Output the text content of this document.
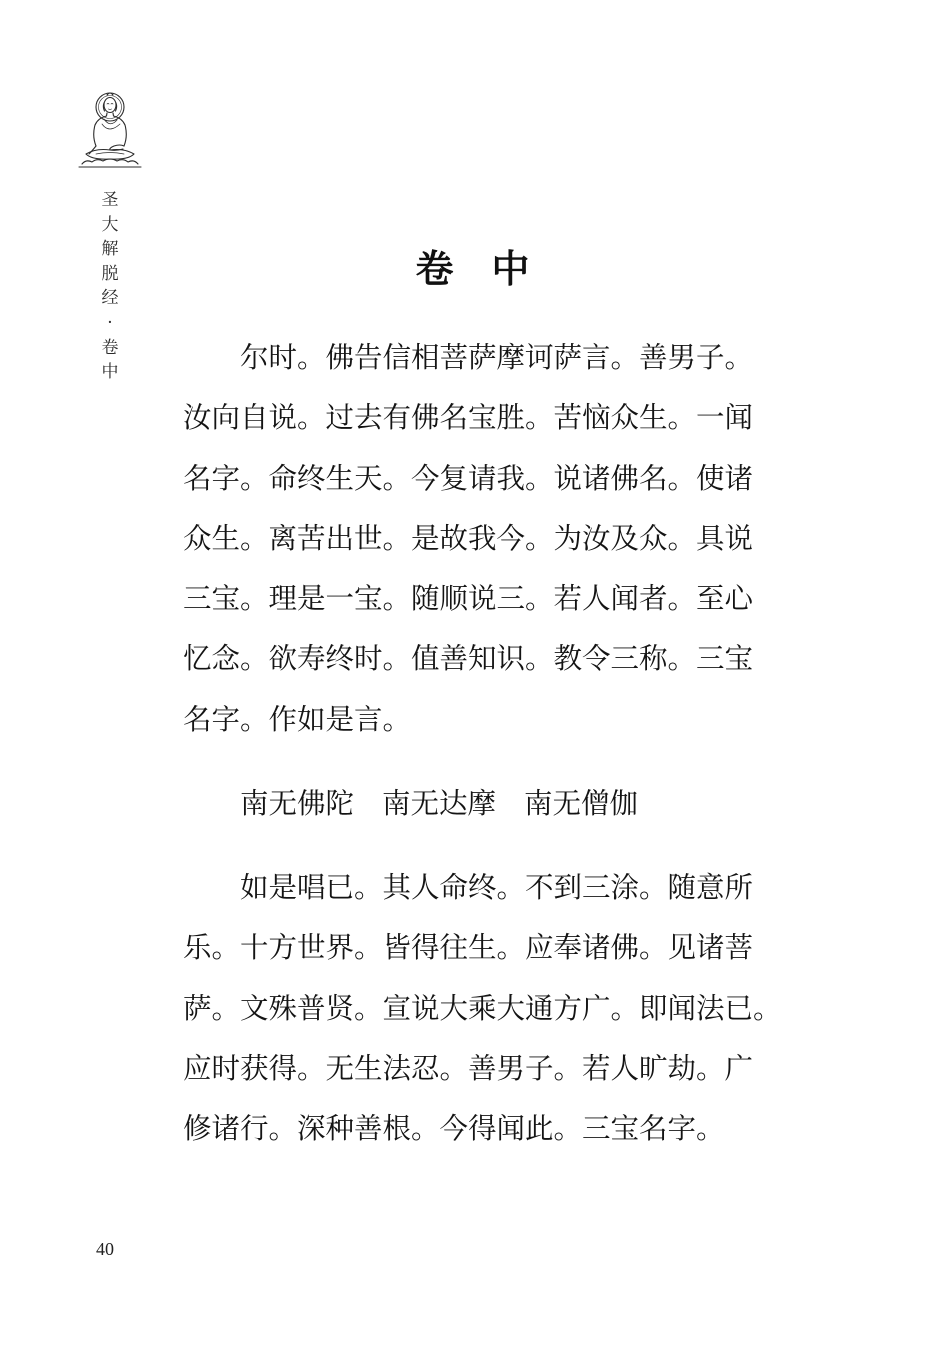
圣
大
解
脱
经
·
卷
中
卷 中

尔时。佛告信相菩萨摩诃萨言。善男子。
汝向自说。过去有佛名宝胜。苦恼众生。一闻
名字。命终生天。今复请我。说诸佛名。使诸
众生。离苦出世。是故我今。为汝及众。具说
三宝。理是一宝。随顺说三。若人闻者。至心
忆念。欲寿终时。值善知识。教令三称。三宝
名字。作如是言。

南无佛陀 南无达摩 南无僧伽

如是唱已。其人命终。不到三涂。随意所
乐。十方世界。皆得往生。应奉诸佛。见诸菩
萨。文殊普贤。宣说大乘大通方广。即闻法已。
应时获得。无生法忍。善男子。若人旷劫。广
修诸行。深种善根。今得闻此。三宝名字。

40
